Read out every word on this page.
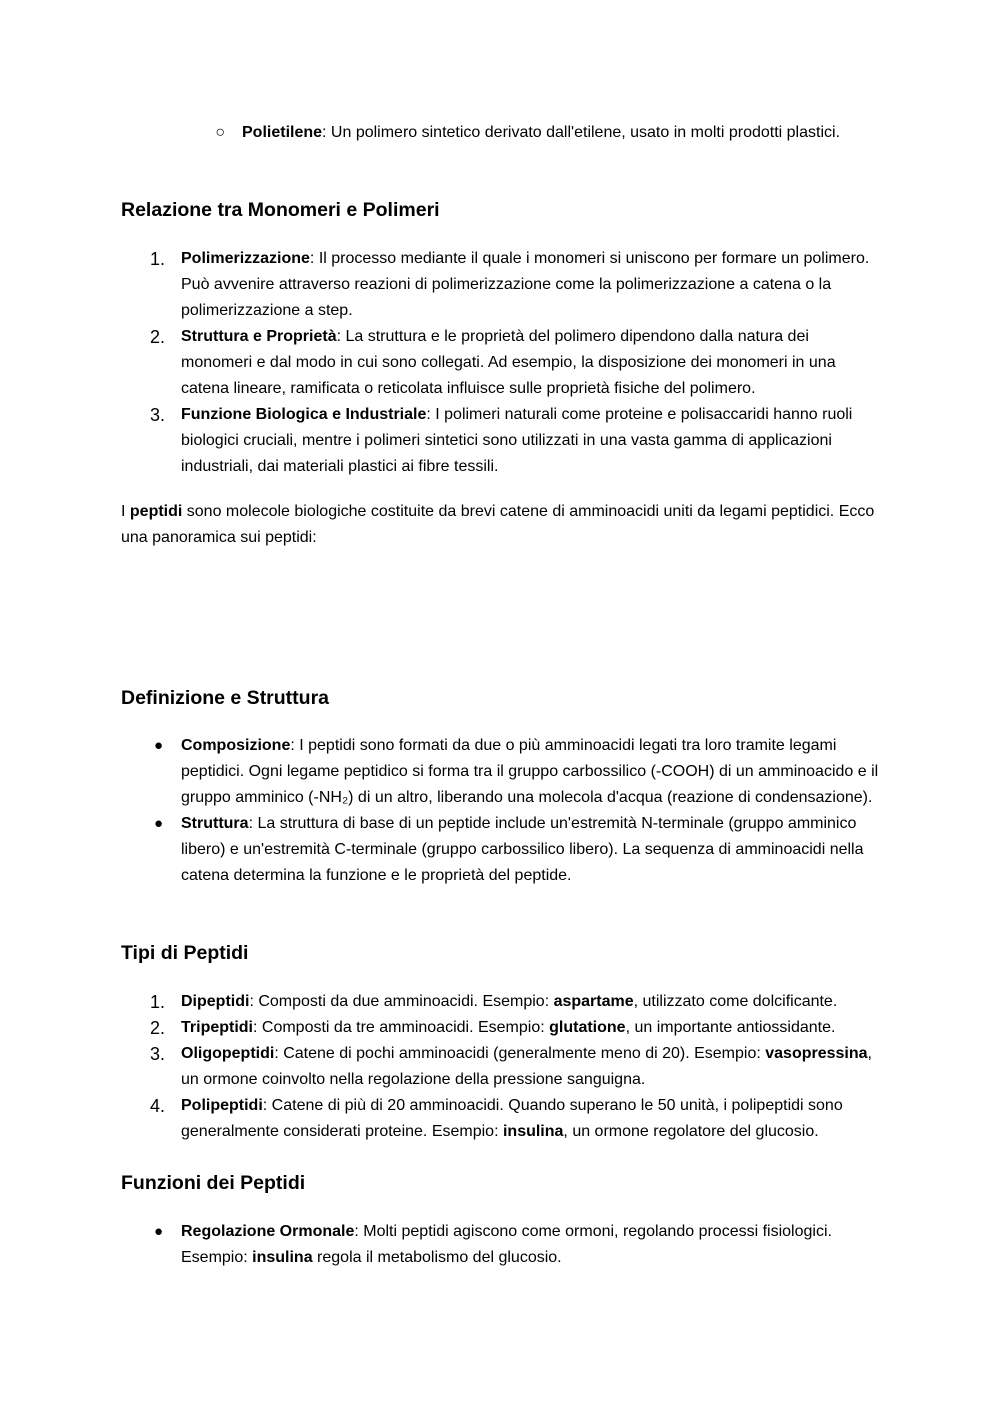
○ Polietilene: Un polimero sintetico derivato dall'etilene, usato in molti prodotti plastici.
Relazione tra Monomeri e Polimeri
1. Polimerizzazione: Il processo mediante il quale i monomeri si uniscono per formare un polimero. Può avvenire attraverso reazioni di polimerizzazione come la polimerizzazione a catena o la polimerizzazione a step.
2. Struttura e Proprietà: La struttura e le proprietà del polimero dipendono dalla natura dei monomeri e dal modo in cui sono collegati. Ad esempio, la disposizione dei monomeri in una catena lineare, ramificata o reticolata influisce sulle proprietà fisiche del polimero.
3. Funzione Biologica e Industriale: I polimeri naturali come proteine e polisaccaridi hanno ruoli biologici cruciali, mentre i polimeri sintetici sono utilizzati in una vasta gamma di applicazioni industriali, dai materiali plastici ai fibre tessili.

I peptidi sono molecole biologiche costituite da brevi catene di amminoacidi uniti da legami peptidici. Ecco una panoramica sui peptidi:

Definizione e Struttura
● Composizione: I peptidi sono formati da due o più amminoacidi legati tra loro tramite legami peptidici. Ogni legame peptidico si forma tra il gruppo carbossilico (-COOH) di un amminoacido e il gruppo amminico (-NH₂) di un altro, liberando una molecola d'acqua (reazione di condensazione).
● Struttura: La struttura di base di un peptide include un'estremità N-terminale (gruppo amminico libero) e un'estremità C-terminale (gruppo carbossilico libero). La sequenza di amminoacidi nella catena determina la funzione e le proprietà del peptide.
Tipi di Peptidi
1. Dipeptidi: Composti da due amminoacidi. Esempio: aspartame, utilizzato come dolcificante.
2. Tripeptidi: Composti da tre amminoacidi. Esempio: glutatione, un importante antiossidante.
3. Oligopeptidi: Catene di pochi amminoacidi (generalmente meno di 20). Esempio: vasopressina, un ormone coinvolto nella regolazione della pressione sanguigna.
4. Polipeptidi: Catene di più di 20 amminoacidi. Quando superano le 50 unità, i polipeptidi sono generalmente considerati proteine. Esempio: insulina, un ormone regolatore del glucosio.
Funzioni dei Peptidi
● Regolazione Ormonale: Molti peptidi agiscono come ormoni, regolando processi fisiologici. Esempio: insulina regola il metabolismo del glucosio.
